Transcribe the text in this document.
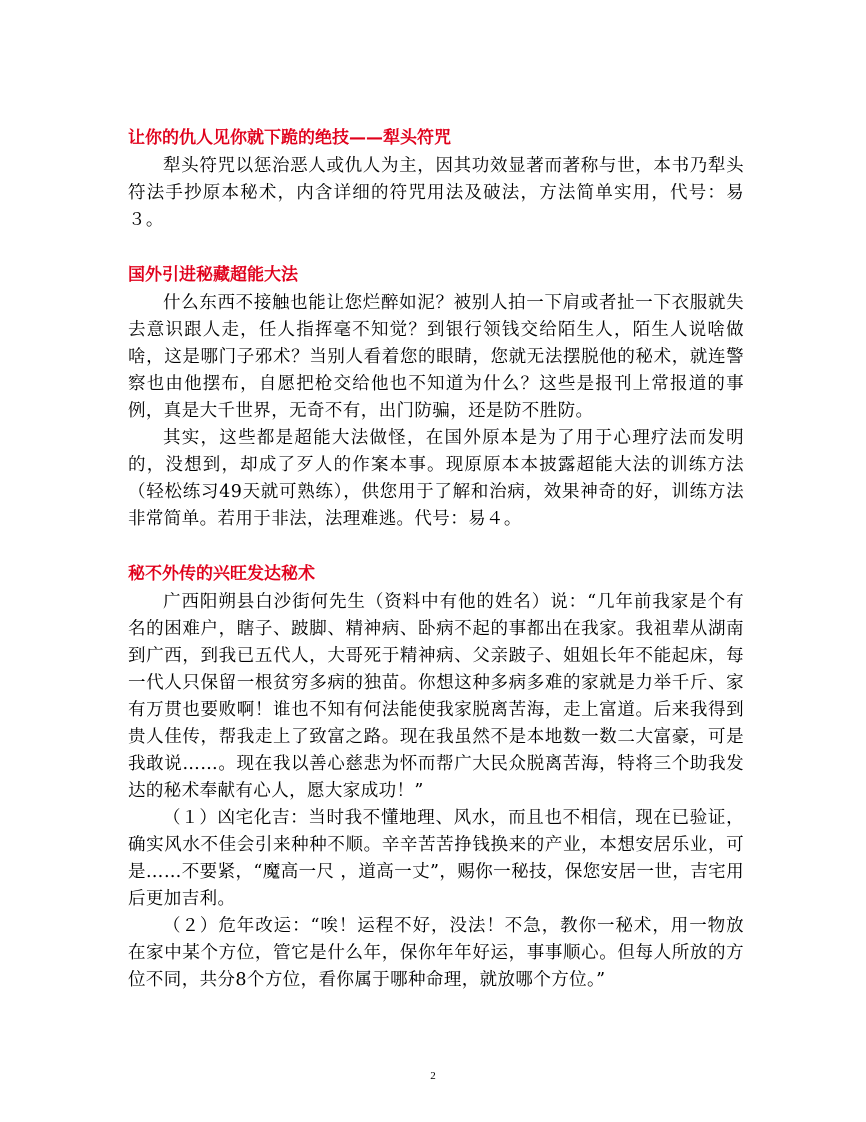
让你的仇人见你就下跪的绝技——犁头符咒

犁头符咒以惩治恶人或仇人为主，因其功效显著而著称与世，本书乃犁头符法手抄原本秘术，内含详细的符咒用法及破法，方法简单实用，代号：易３。

国外引进秘藏超能大法

什么东西不接触也能让您烂醉如泥？被别人拍一下肩或者扯一下衣服就失去意识跟人走，任人指挥毫不知觉？到银行领钱交给陌生人，陌生人说啥做啥，这是哪门子邪术？当别人看着您的眼睛，您就无法摆脱他的秘术，就连警察也由他摆布，自愿把枪交给他也不知道为什么？这些是报刊上常报道的事例，真是大千世界，无奇不有，出门防骗，还是防不胜防。

其实，这些都是超能大法做怪，在国外原本是为了用于心理疗法而发明的，没想到，却成了歹人的作案本事。现原原本本披露超能大法的训练方法（轻松练习49天就可熟练），供您用于了解和治病，效果神奇的好，训练方法非常简单。若用于非法，法理难逃。代号：易４。

秘不外传的兴旺发达秘术

广西阳朔县白沙街何先生（资料中有他的姓名）说：“几年前我家是个有名的困难户，瞎子、跛脚、精神病、卧病不起的事都出在我家。我祖辈从湖南到广西，到我已五代人，大哥死于精神病、父亲跛子、姐姐长年不能起床，每一代人只保留一根贫穷多病的独苗。你想这种多病多难的家就是力举千斤、家有万贯也要败啊！谁也不知有何法能使我家脱离苦海，走上富道。后来我得到贵人佳传，帮我走上了致富之路。现在我虽然不是本地数一数二大富豪，可是我敢说……。现在我以善心慈悲为怀而帮广大民众脱离苦海，特将三个助我发达的秘术奉献有心人，愿大家成功！”

（１）凶宅化吉：当时我不懂地理、风水，而且也不相信，现在已验证，确实风水不佳会引来种种不顺。辛辛苦苦挣钱换来的产业，本想安居乐业，可是……不要紧，“魔高一尺 ，道高一丈”，赐你一秘技，保您安居一世，吉宅用后更加吉利。

（２）危年改运：“唉！运程不好，没法！不急，教你一秘术，用一物放在家中某个方位，管它是什么年，保你年年好运，事事顺心。但每人所放的方位不同，共分8个方位，看你属于哪种命理，就放哪个方位。”

2
